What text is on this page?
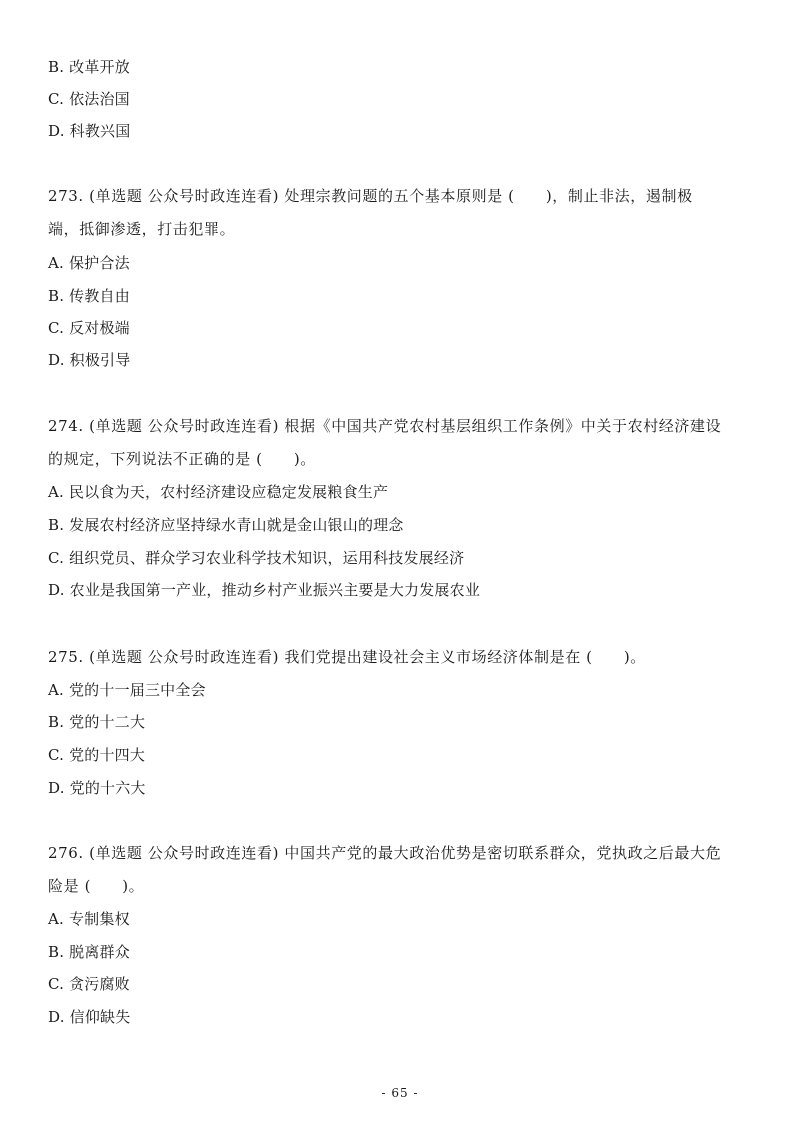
B. 改革开放
C. 依法治国
D. 科教兴国
273. (单选题 公众号时政连连看) 处理宗教问题的五个基本原则是 (　　)，制止非法，遏制极
端，抵御渗透，打击犯罪。
A. 保护合法
B. 传教自由
C. 反对极端
D. 积极引导
274. (单选题 公众号时政连连看) 根据《中国共产党农村基层组织工作条例》中关于农村经济建设
的规定，下列说法不正确的是 (　　)。
A. 民以食为天，农村经济建设应稳定发展粮食生产
B. 发展农村经济应坚持绿水青山就是金山银山的理念
C. 组织党员、群众学习农业科学技术知识，运用科技发展经济
D. 农业是我国第一产业，推动乡村产业振兴主要是大力发展农业
275. (单选题 公众号时政连连看) 我们党提出建设社会主义市场经济体制是在 (　　)。
A. 党的十一届三中全会
B. 党的十二大
C. 党的十四大
D. 党的十六大
276. (单选题 公众号时政连连看) 中国共产党的最大政治优势是密切联系群众，党执政之后最大危
险是 (　　)。
A. 专制集权
B. 脱离群众
C. 贪污腐败
D. 信仰缺失
- 65 -
